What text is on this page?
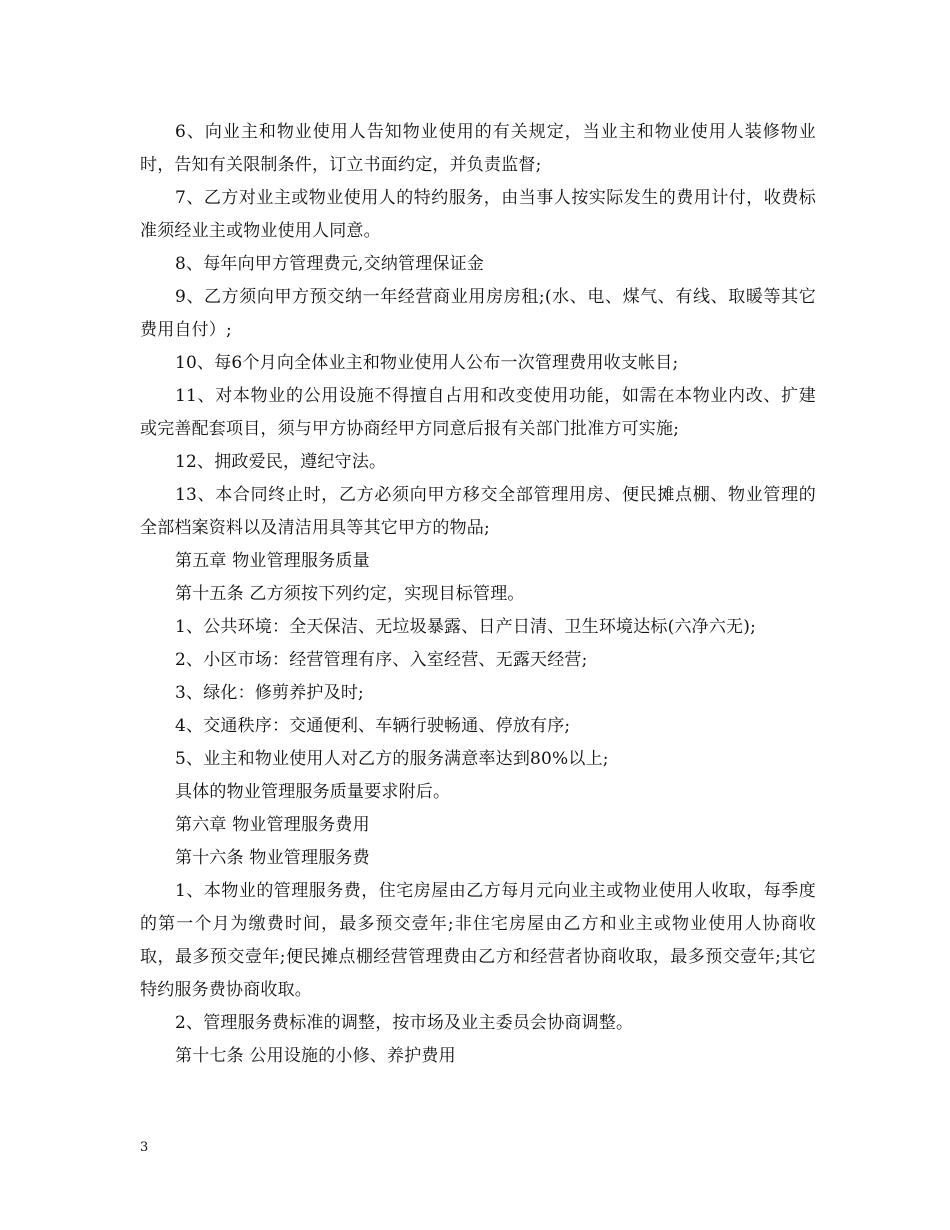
6、向业主和物业使用人告知物业使用的有关规定，当业主和物业使用人装修物业时，告知有关限制条件，订立书面约定，并负责监督;

7、乙方对业主或物业使用人的特约服务，由当事人按实际发生的费用计付，收费标准须经业主或物业使用人同意。

8、每年向甲方管理费元,交纳管理保证金

9、乙方须向甲方预交纳一年经营商业用房房租;(水、电、煤气、有线、取暖等其它费用自付）;

10、每6个月向全体业主和物业使用人公布一次管理费用收支帐目;

11、对本物业的公用设施不得擅自占用和改变使用功能，如需在本物业内改、扩建或完善配套项目，须与甲方协商经甲方同意后报有关部门批准方可实施;

12、拥政爱民，遵纪守法。

13、本合同终止时，乙方必须向甲方移交全部管理用房、便民摊点棚、物业管理的全部档案资料以及清洁用具等其它甲方的物品;

第五章 物业管理服务质量

第十五条 乙方须按下列约定，实现目标管理。

1、公共环境：全天保洁、无垃圾暴露、日产日清、卫生环境达标(六净六无);

2、小区市场：经营管理有序、入室经营、无露天经营;

3、绿化：修剪养护及时;

4、交通秩序：交通便利、车辆行驶畅通、停放有序;

5、业主和物业使用人对乙方的服务满意率达到80%以上;

具体的物业管理服务质量要求附后。

第六章 物业管理服务费用

第十六条 物业管理服务费

1、本物业的管理服务费，住宅房屋由乙方每月元向业主或物业使用人收取，每季度的第一个月为缴费时间，最多预交壹年;非住宅房屋由乙方和业主或物业使用人协商收取，最多预交壹年;便民摊点棚经营管理费由乙方和经营者协商收取，最多预交壹年;其它特约服务费协商收取。

2、管理服务费标准的调整，按市场及业主委员会协商调整。

第十七条 公用设施的小修、养护费用

3
